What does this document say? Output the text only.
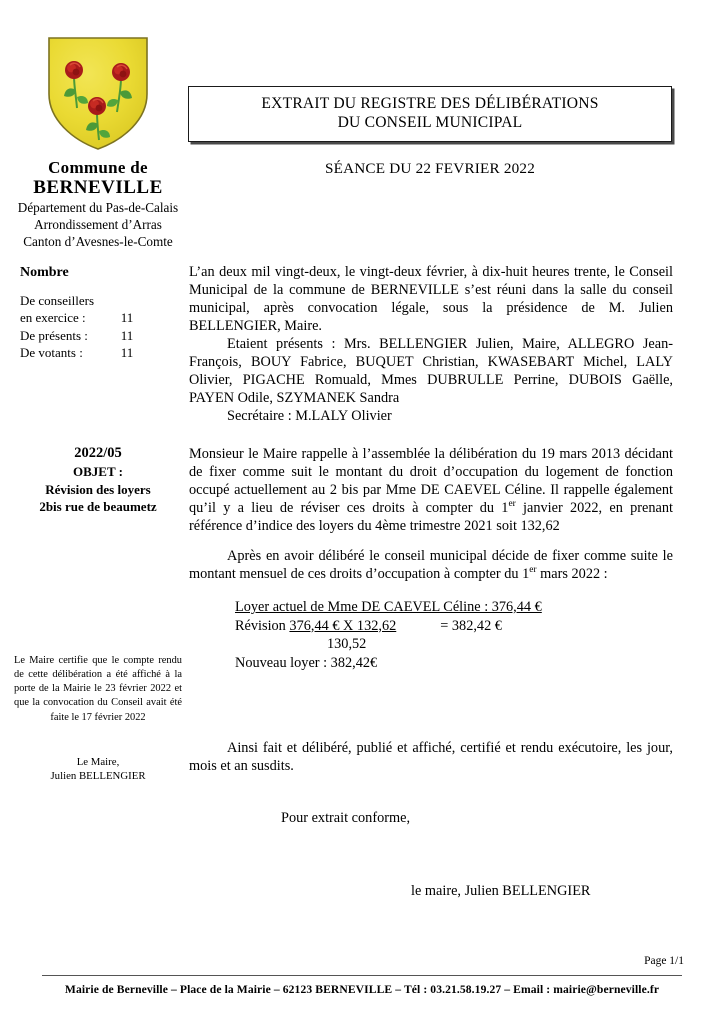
Commune de
BERNEVILLE
Département du Pas-de-Calais
Arrondissement d’Arras
Canton d’Avesnes-le-Comte
Nombre
De conseillers
en exercice :	11
De présents :	11
De votants :	11
2022/05
OBJET :
Révision des loyers
2bis rue de beaumetz
Le Maire certifie que le compte rendu de cette délibération a été affiché à la porte de la Mairie le 23 février 2022 et que la convocation du Conseil avait été faite le 17 février 2022
Le Maire,
Julien BELLENGIER
EXTRAIT DU REGISTRE DES DÉLIBÉRATIONS
DU CONSEIL MUNICIPAL
SÉANCE DU 22 FEVRIER 2022

L’an deux mil vingt-deux, le vingt-deux février, à dix-huit heures trente, le Conseil Municipal de la commune de BERNEVILLE s’est réuni dans la salle du conseil municipal, après convocation légale, sous la présidence de M. Julien BELLENGIER, Maire.

Etaient présents : Mrs. BELLENGIER Julien, Maire, ALLEGRO Jean-François, BOUY Fabrice, BUQUET Christian, KWASEBART Michel, LALY Olivier, PIGACHE Romuald, Mmes DUBRULLE Perrine, DUBOIS Gaëlle, PAYEN Odile, SZYMANEK Sandra

Secrétaire : M.LALY Olivier

Monsieur le Maire rappelle à l’assemblée la délibération du 19 mars 2013 décidant de fixer comme suit le montant du droit d’occupation du logement de fonction occupé actuellement au 2 bis par Mme DE CAEVEL Céline. Il rappelle également qu’il y a lieu de réviser ces droits à compter du 1er janvier 2022, en prenant référence d’indice des loyers du 4ème trimestre 2021 soit 132,62

Après en avoir délibéré le conseil municipal décide de fixer comme suite le montant mensuel de ces droits d’occupation à compter du 1er mars 2022 :

Loyer actuel de Mme DE CAEVEL Céline : 376,44 €
Révision 376,44 € X 132,62	= 382,42 €
130,52
Nouveau loyer : 382,42€

Ainsi fait et délibéré, publié et affiché, certifié et rendu exécutoire, les jour, mois et an susdits.

Pour extrait conforme,

le maire, Julien BELLENGIER

Page 1/1
Mairie de Berneville – Place de la Mairie – 62123 BERNEVILLE – Tél : 03.21.58.19.27 – Email : mairie@berneville.fr
